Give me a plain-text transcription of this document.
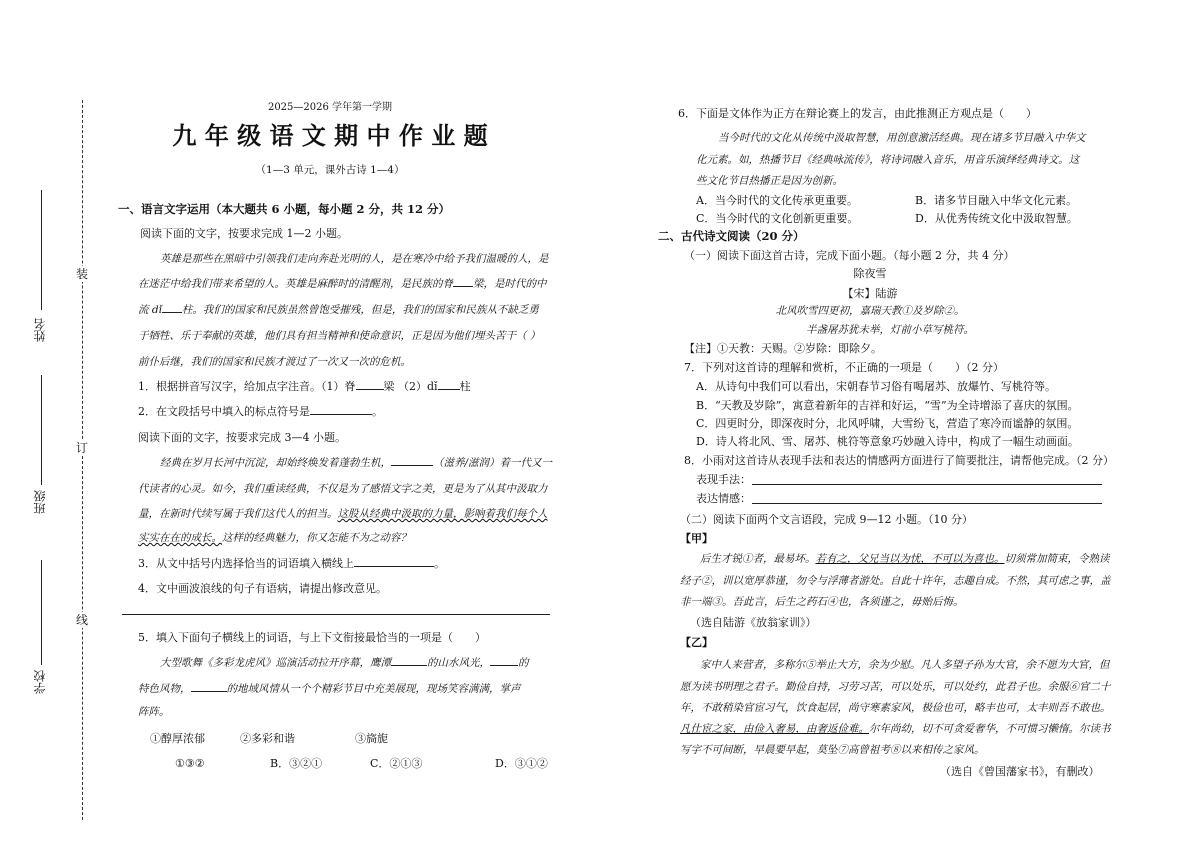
姓名
班级
学校
装
订
线
2025—2026 学年第一学期
九 年 级 语 文 期 中 作 业 题
（1—3 单元，课外古诗 1—4）
一、语言文字运用（本大题共 6 小题，每小题 2 分，共 12 分）
阅读下面的文字，按要求完成 1—2 小题。
英雄是那些在黑暗中引领我们走向奔赴光明的人，是在寒冷中给予我们温暖的人，是
在迷茫中给我们带来希望的人。英雄是麻醉时的清醒剂，是民族的脊 梁，是时代的中
流 dǐ 柱。我们的国家和民族虽然曾饱受摧残，但是，我们的国家和民族从不缺乏勇
于牺牲、乐于奉献的英雄，他们具有担当精神和使命意识，正是因为他们埋头苦干（ ）
前仆后继，我们的国家和民族才渡过了一次又一次的危机。
1．根据拼音写汉字，给加点字注音。（1）脊	梁 （2）dǐ 柱
2．在文段括号中填入的标点符号是	。
阅读下面的文字，按要求完成 3—4 小题。
经典在岁月长河中沉淀，却始终焕发着蓬勃生机，	（滋养/滋润）着一代又一
代读者的心灵。如今，我们重读经典，不仅是为了感悟文字之美，更是为了从其中汲取力
量，在新时代续写属于我们这代人的担当。这股从经典中汲取的力量，影响着我们每个人
实实在在的成长。这样的经典魅力，你又怎能不为之动容？
3．从文中括号内选择恰当的词语填入横线上	。
4．文中画波浪线的句子有语病，请提出修改意见。
5．填入下面句子横线上的词语，与上下文衔接最恰当的一项是（　　）
大型歌舞《多彩龙虎风》巡演活动拉开序幕，鹰潭	的山水风光，	的
特色风物，	的地域风情从一个个精彩节目中充美展现，现场笑容满满，掌声
阵阵。
①醇厚浓郁	②多彩和谐	③旖旎
①③②	B．③②①	C．②①③	D．③①②
6．下面是文体作为正方在辩论赛上的发言，由此推测正方观点是（　　）
当今时代的文化从传统中汲取智慧，用创意激活经典。现在诸多节目融入中华文
化元素。如，热播节目《经典咏流传》，将诗词融入音乐，用音乐演绎经典诗文。这
些文化节目热播正是因为创新。
A．当今时代的文化传承更重要。	B．诸多节目融入中华文化元素。
C．当今时代的文化创新更重要。	D．从优秀传统文化中汲取智慧。
二、古代诗文阅读（20 分）
（一）阅读下面这首古诗，完成下面小题。（每小题 2 分，共 4 分）
除夜雪
【宋】陆游
北风吹雪四更初，嘉瑞天教①及岁除②。
半盏屠苏犹未举，灯前小草写桃符。
【注】①天教：天赐。②岁除：即除夕。
7．下列对这首诗的理解和赏析，不正确的一项是（　　）（2 分）
A．从诗句中我们可以看出，宋朝春节习俗有喝屠苏、放爆竹、写桃符等。
B．“天教及岁除”，寓意着新年的吉祥和好运，“雪”为全诗增添了喜庆的氛围。
C．四更时分，即深夜时分，北风呼啸，大雪纷飞，营造了寒冷而谧静的氛围。
D．诗人将北风、雪、屠苏、桃符等意象巧妙融入诗中，构成了一幅生动画面。
8．小雨对这首诗从表现手法和表达的情感两方面进行了简要批注，请帮他完成。（2 分）
表现手法：
表达情感：
（二）阅读下面两个文言语段，完成 9—12 小题。（10 分）
【甲】
后生才锐①者，最易坏。若有之，父兄当以为忧，不可以为喜也。切须常加简束，令熟读
经子②，训以宽厚恭谨，勿令与浮薄者游处。自此十许年，志趣自成。不然，其可虑之事，盖
非一端③。吾此言，后生之药石④也，各须谨之，毋贻后悔。
（选自陆游《放翁家训》）
【乙】
家中人来营者，多称尔⑤举止大方，余为少慰。凡人多望子孙为大官，余不愿为大官，但
愿为读书明理之君子。勤俭自持，习劳习苦，可以处乐，可以处约，此君子也。余服⑥官二十
年，不敢稍染官宦习气，饮食起居，尚守寒素家风，极俭也可，略丰也可，太丰则吾不敢也。
凡仕宦之家，由俭入奢易，由奢返俭难。尔年尚幼，切不可贪爱奢华，不可惯习懒惰。尔读书
写字不可间断，早晨要早起，莫坠⑦高曾祖考⑧以来相传之家风。
（选自《曾国藩家书》，有删改）
